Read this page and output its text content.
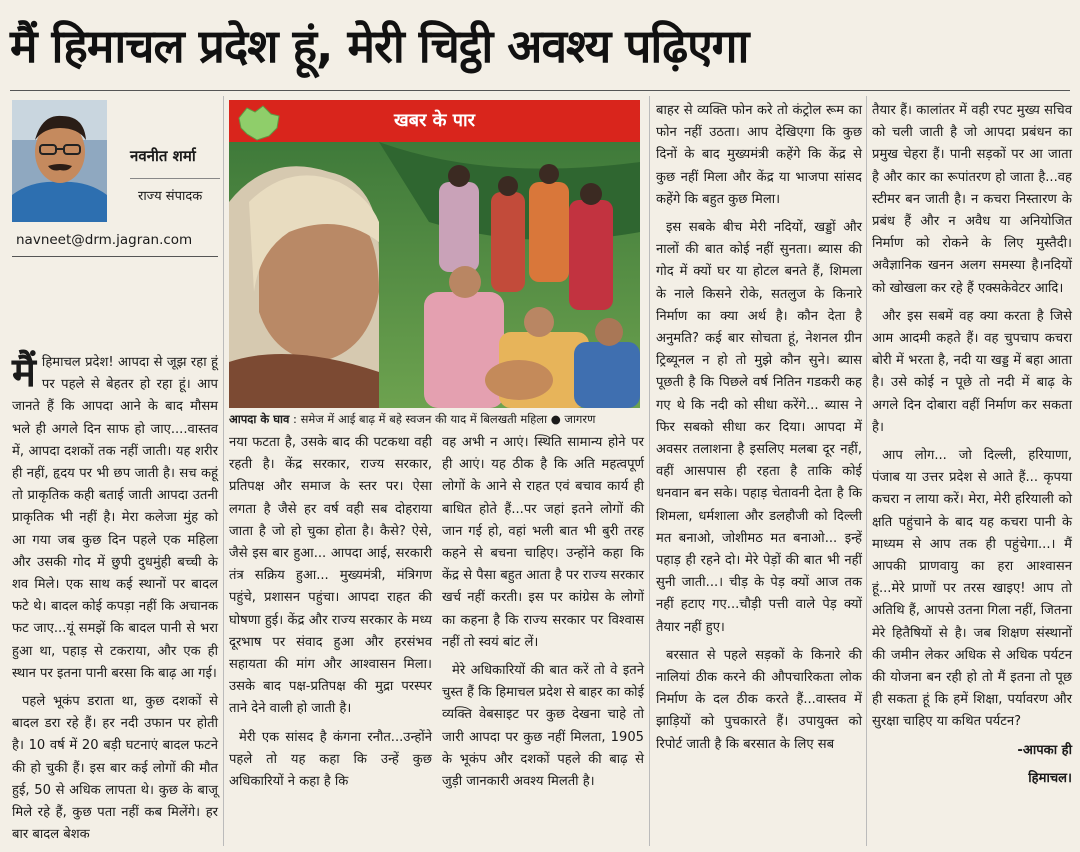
मैं हिमाचल प्रदेश हूं, मेरी चिट्ठी अवश्य पढ़िएगा
नवनीत शर्मा
राज्य संपादक
navneet@drm.jagran.com
खबर के पार
आपदा के घाव : समेज में आई बाढ़ में बहे स्वजन की याद में बिलखती महिला ● जागरण

मैंहिमाचल प्रदेश! आपदा से जूझ रहा हूं पर पहले से बेहतर हो रहा हूं। आप जानते हैं कि आपदा आने के बाद मौसम भले ही अगले दिन साफ हो जाए....वास्तव में, आपदा दशकों तक नहीं जाती। यह शरीर ही नहीं, हृदय पर भी छप जाती है। सच कहूं तो प्राकृतिक कही बताई जाती आपदा उतनी प्राकृतिक भी नहीं है। मेरा कलेजा मुंह को आ गया जब कुछ दिन पहले एक महिला और उसकी गोद में छुपी दुधमुंही बच्ची के शव मिले। एक साथ कई स्थानों पर बादल फटे थे। बादल कोई कपड़ा नहीं कि अचानक फट जाए...यूं समझें कि बादल पानी से भरा हुआ था, पहाड़ से टकराया, और एक ही स्थान पर इतना पानी बरसा कि बाढ़ आ गई।

पहले भूकंप डराता था, कुछ दशकों से बादल डरा रहे हैं। हर नदी उफान पर होती है। 10 वर्ष में 20 बड़ी घटनाएं बादल फटने की हो चुकी हैं। इस बार कई लोगों की मौत हुई, 50 से अधिक लापता थे। कुछ के बाजू मिले रहे हैं, कुछ पता नहीं कब मिलेंगे। हर बार बादल बेशक

नया फटता है, उसके बाद की पटकथा वही रहती है। केंद्र सरकार, राज्य सरकार, प्रतिपक्ष और समाज के स्तर पर। ऐसा लगता है जैसे हर वर्ष वही सब दोहराया जाता है जो हो चुका होता है। कैसे? ऐसे, जैसे इस बार हुआ... आपदा आई, सरकारी तंत्र सक्रिय हुआ... मुख्यमंत्री, मंत्रिगण पहुंचे, प्रशासन पहुंचा। आपदा राहत की घोषणा हुई। केंद्र और राज्य सरकार के मध्य दूरभाष पर संवाद हुआ और हरसंभव सहायता की मांग और आश्वासन मिला। उसके बाद पक्ष-प्रतिपक्ष की मुद्रा परस्पर ताने देने वाली हो जाती है।

मेरी एक सांसद है कंगना रनौत...उन्होंने पहले तो यह कहा कि उन्हें कुछ अधिकारियों ने कहा है कि

वह अभी न आएं। स्थिति सामान्य होने पर ही आएं। यह ठीक है कि अति महत्वपूर्ण लोगों के आने से राहत एवं बचाव कार्य ही बाधित होते हैं...पर जहां इतने लोगों की जान गई हो, वहां भली बात भी बुरी तरह कहने से बचना चाहिए। उन्होंने कहा कि केंद्र से पैसा बहुत आता है पर राज्य सरकार खर्च नहीं करती। इस पर कांग्रेस के लोगों का कहना है कि राज्य सरकार पर विश्वास नहीं तो स्वयं बांट लें।

मेरे अधिकारियों की बात करें तो वे इतने चुस्त हैं कि हिमाचल प्रदेश से बाहर का कोई व्यक्ति वेबसाइट पर कुछ देखना चाहे तो जारी आपदा पर कुछ नहीं मिलता, 1905 के भूकंप और दशकों पहले की बाढ़ से जुड़ी जानकारी अवश्य मिलती है।

बाहर से व्यक्ति फोन करे तो कंट्रोल रूम का फोन नहीं उठता। आप देखिएगा कि कुछ दिनों के बाद मुख्यमंत्री कहेंगे कि केंद्र से कुछ नहीं मिला और केंद्र या भाजपा सांसद कहेंगे कि बहुत कुछ मिला।

इस सबके बीच मेरी नदियों, खड्डों और नालों की बात कोई नहीं सुनता। ब्यास की गोद में क्यों घर या होटल बनते हैं, शिमला के नाले किसने रोके, सतलुज के किनारे निर्माण का क्या अर्थ है। कौन देता है अनुमति? कई बार सोचता हूं, नेशनल ग्रीन ट्रिब्यूनल न हो तो मुझे कौन सुने। ब्यास पूछती है कि पिछले वर्ष नितिन गडकरी कह गए थे कि नदी को सीधा करेंगे... ब्यास ने फिर सबको सीधा कर दिया। आपदा में अवसर तलाशना है इसलिए मलबा दूर नहीं, वहीं आसपास ही रहता है ताकि कोई धनवान बन सके। पहाड़ चेतावनी देता है कि शिमला, धर्मशाला और डलहौजी को दिल्ली मत बनाओ, जोशीमठ मत बनाओ... इन्हें पहाड़ ही रहने दो। मेरे पेड़ों की बात भी नहीं सुनी जाती...। चीड़ के पेड़ क्यों आज तक नहीं हटाए गए...चौड़ी पत्ती वाले पेड़ क्यों तैयार नहीं हुए।

बरसात से पहले सड़कों के किनारे की नालियां ठीक करने की औपचारिकता लोक निर्माण के दल ठीक करते हैं...वास्तव में झाड़ियों को पुचकारते हैं। उपायुक्त को रिपोर्ट जाती है कि बरसात के लिए सब

तैयार हैं। कालांतर में वही रपट मुख्य सचिव को चली जाती है जो आपदा प्रबंधन का प्रमुख चेहरा हैं। पानी सड़कों पर आ जाता है और कार का रूपांतरण हो जाता है...वह स्टीमर बन जाती है। न कचरा निस्तारण के प्रबंध हैं और न अवैध या अनियोजित निर्माण को रोकने के लिए मुस्तैदी। अवैज्ञानिक खनन अलग समस्या है।नदियों को खोखला कर रहे हैं एक्सकेवेटर आदि।

और इस सबमें वह क्या करता है जिसे आम आदमी कहते हैं। वह चुपचाप कचरा बोरी में भरता है, नदी या खड्ड में बहा आता है। उसे कोई न पूछे तो नदी में बाढ़ के अगले दिन दोबारा वहीं निर्माण कर सकता है।

आप लोग... जो दिल्ली, हरियाणा, पंजाब या उत्तर प्रदेश से आते हैं... कृपया कचरा न लाया करें। मेरा, मेरी हरियाली को क्षति पहुंचाने के बाद यह कचरा पानी के माध्यम से आप तक ही पहुंचेगा...। मैं आपकी प्राणवायु का हरा आश्वासन हूं...मेरे प्राणों पर तरस खाइए! आप तो अतिथि हैं, आपसे उतना गिला नहीं, जितना मेरे हितैषियों से है। जब शिक्षण संस्थानों की जमीन लेकर अधिक से अधिक पर्यटन की योजना बन रही हो तो मैं इतना तो पूछ ही सकता हूं कि हमें शिक्षा, पर्यावरण और सुरक्षा चाहिए या कथित पर्यटन?

-आपका ही

हिमाचल।
